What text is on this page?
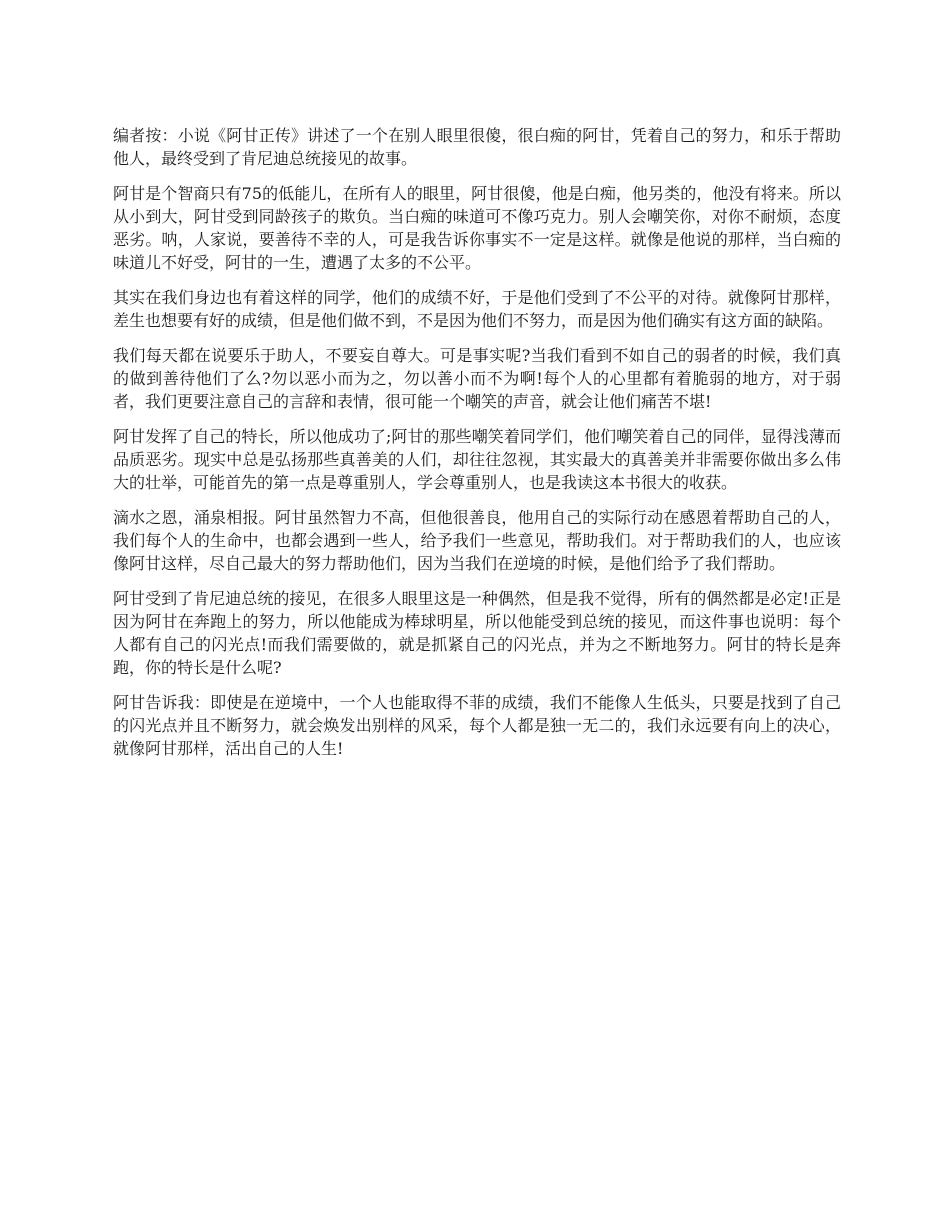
编者按：小说《阿甘正传》讲述了一个在别人眼里很傻，很白痴的阿甘，凭着自己的努力，和乐于帮助他人，最终受到了肯尼迪总统接见的故事。

阿甘是个智商只有75的低能儿，在所有人的眼里，阿甘很傻，他是白痴，他另类的，他没有将来。所以从小到大，阿甘受到同龄孩子的欺负。当白痴的味道可不像巧克力。别人会嘲笑你，对你不耐烦，态度恶劣。呐，人家说，要善待不幸的人，可是我告诉你事实不一定是这样。就像是他说的那样，当白痴的味道儿不好受，阿甘的一生，遭遇了太多的不公平。

其实在我们身边也有着这样的同学，他们的成绩不好，于是他们受到了不公平的对待。就像阿甘那样，差生也想要有好的成绩，但是他们做不到，不是因为他们不努力，而是因为他们确实有这方面的缺陷。

我们每天都在说要乐于助人，不要妄自尊大。可是事实呢?当我们看到不如自己的弱者的时候，我们真的做到善待他们了么?勿以恶小而为之，勿以善小而不为啊!每个人的心里都有着脆弱的地方，对于弱者，我们更要注意自己的言辞和表情，很可能一个嘲笑的声音，就会让他们痛苦不堪!

阿甘发挥了自己的特长，所以他成功了;阿甘的那些嘲笑着同学们，他们嘲笑着自己的同伴，显得浅薄而品质恶劣。现实中总是弘扬那些真善美的人们，却往往忽视，其实最大的真善美并非需要你做出多么伟大的壮举，可能首先的第一点是尊重别人，学会尊重别人，也是我读这本书很大的收获。

滴水之恩，涌泉相报。阿甘虽然智力不高，但他很善良，他用自己的实际行动在感恩着帮助自己的人，我们每个人的生命中，也都会遇到一些人，给予我们一些意见，帮助我们。对于帮助我们的人，也应该像阿甘这样，尽自己最大的努力帮助他们，因为当我们在逆境的时候，是他们给予了我们帮助。

阿甘受到了肯尼迪总统的接见，在很多人眼里这是一种偶然，但是我不觉得，所有的偶然都是必定!正是因为阿甘在奔跑上的努力，所以他能成为棒球明星，所以他能受到总统的接见，而这件事也说明：每个人都有自己的闪光点!而我们需要做的，就是抓紧自己的闪光点，并为之不断地努力。阿甘的特长是奔跑，你的特长是什么呢?

阿甘告诉我：即使是在逆境中，一个人也能取得不菲的成绩，我们不能像人生低头，只要是找到了自己的闪光点并且不断努力，就会焕发出别样的风采，每个人都是独一无二的，我们永远要有向上的决心，就像阿甘那样，活出自己的人生!
